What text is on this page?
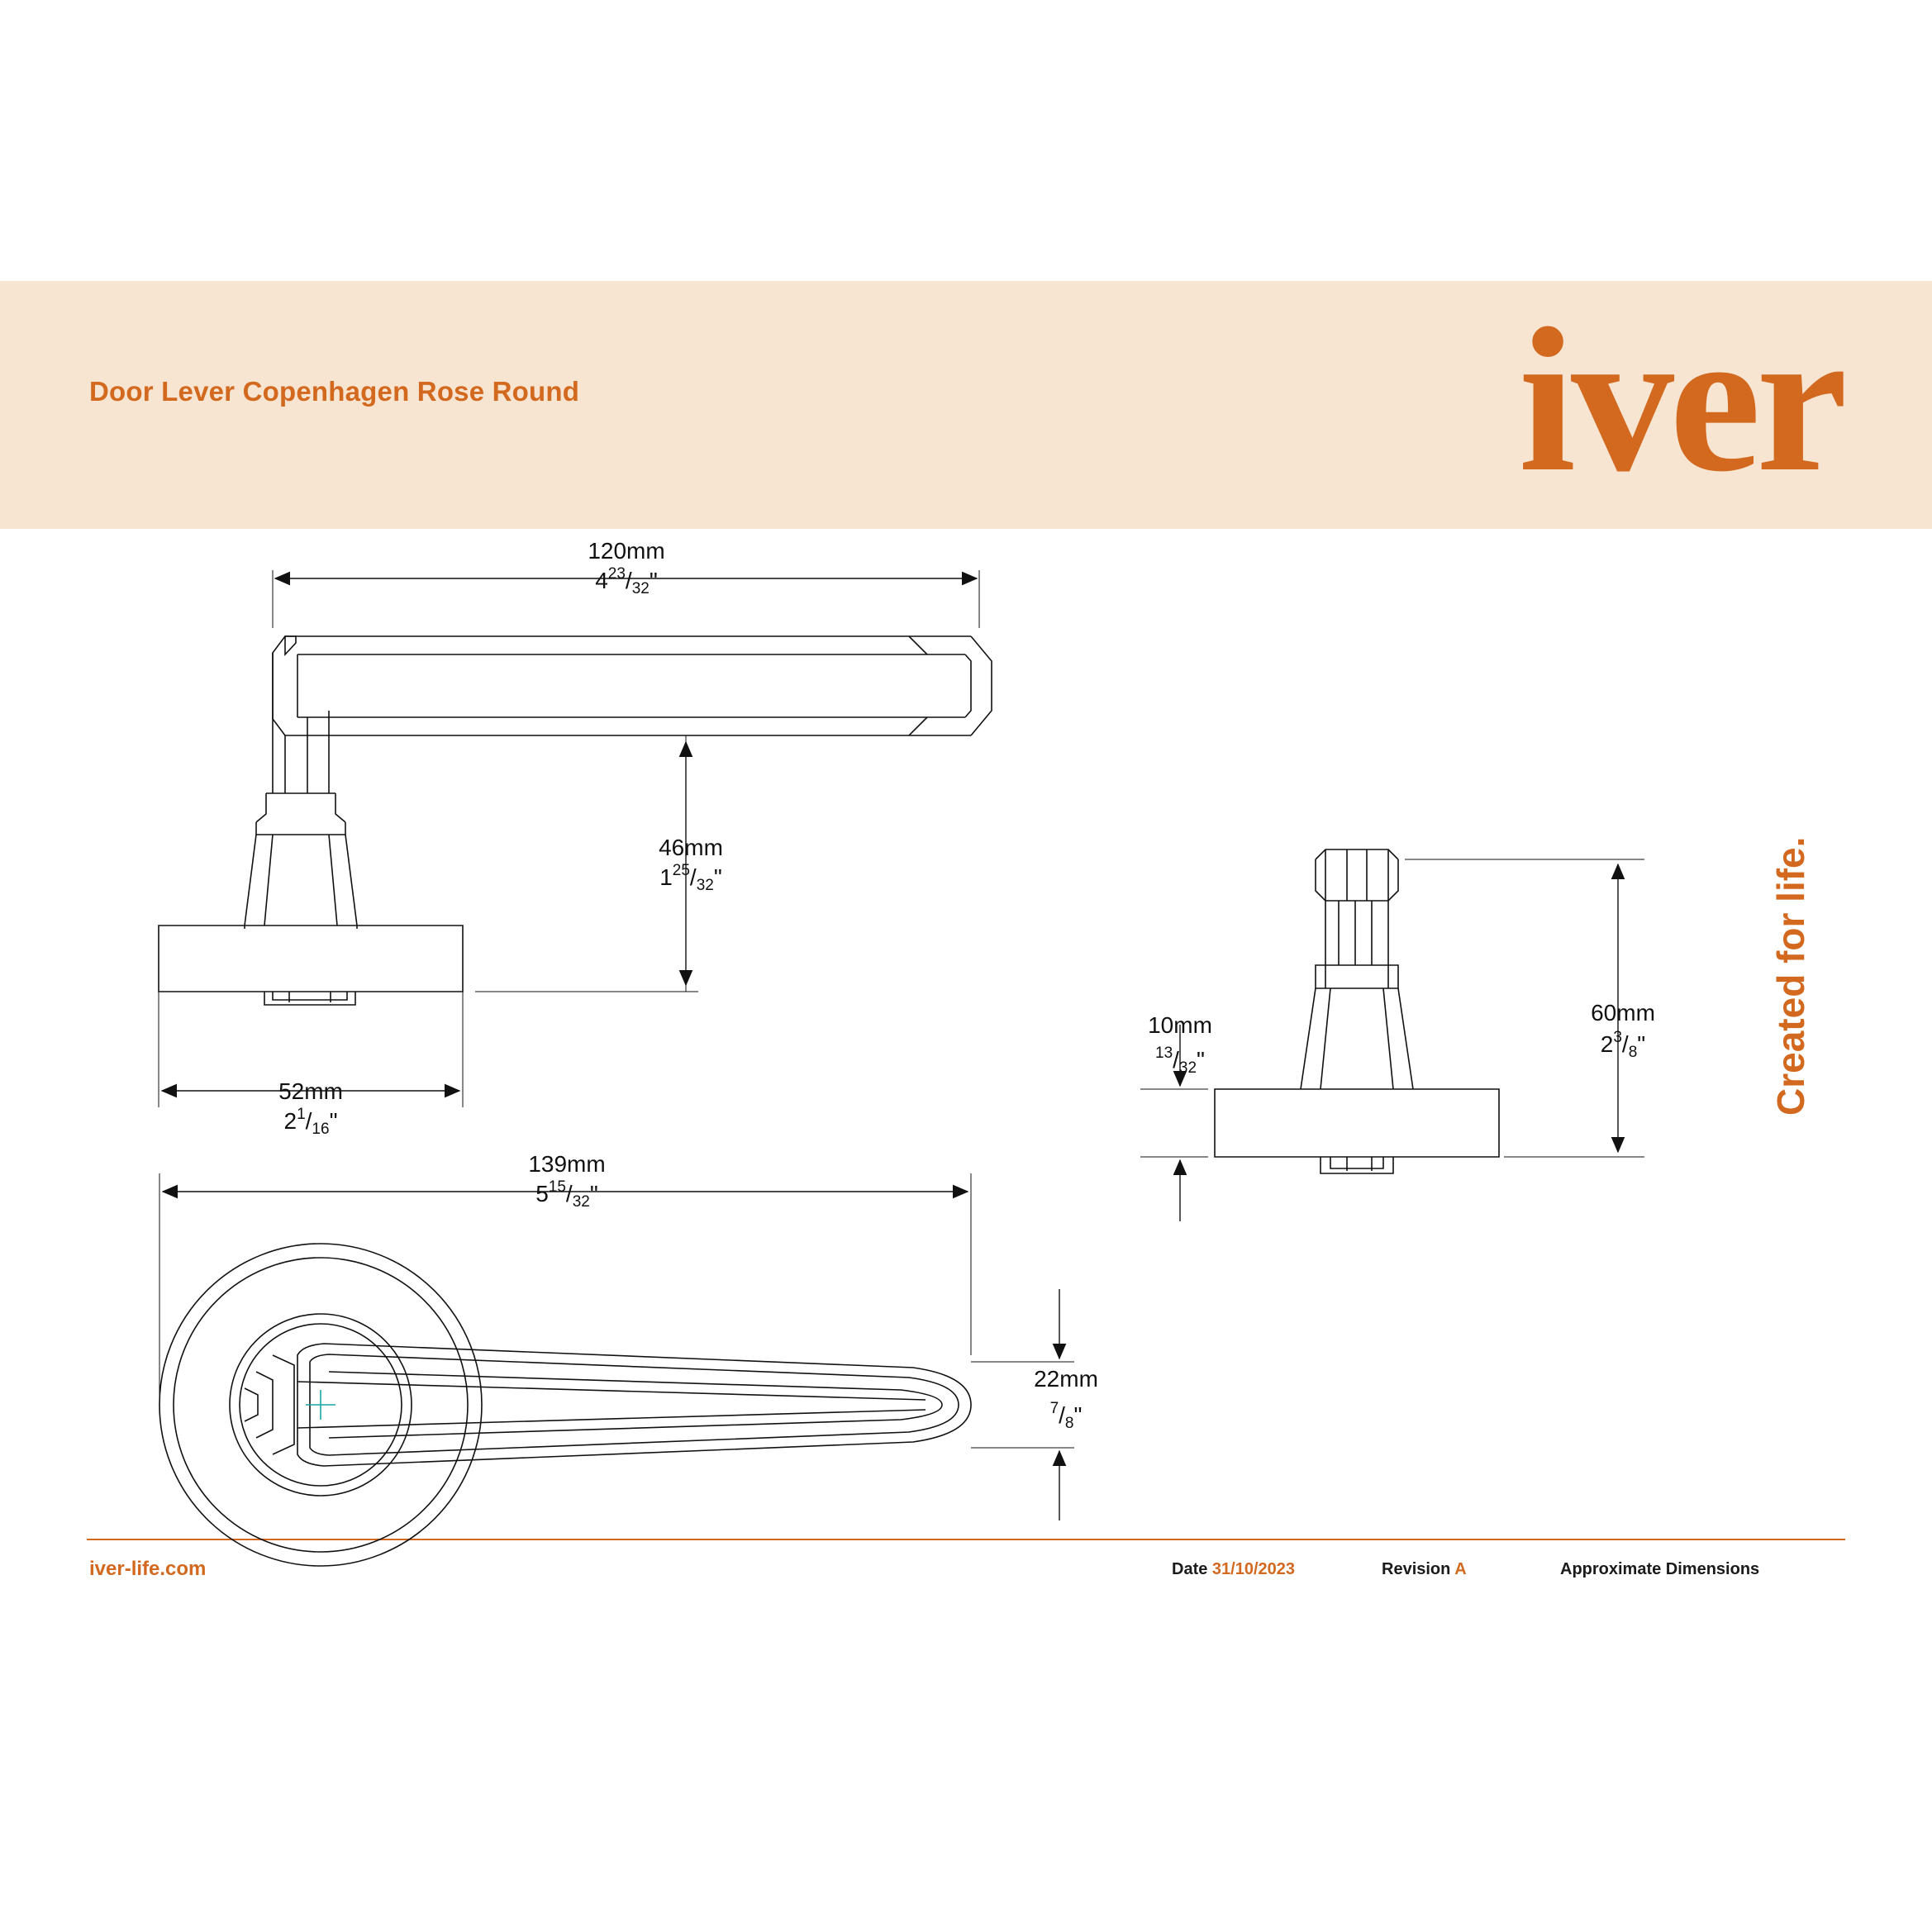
Door Lever Copenhagen Rose Round	iver
iver-life.com	Date 31/10/2023	Revision A	Approximate Dimensions
Created for life.
120mm
$4^{23}/_{32}$"
46mm
$1^{25}/_{32}$"
52mm
$2^1/_{16}$"
139mm
$5^{15}/_{32}$"
22mm
$^7/_8$"
10mm
$^{13}/_{32}$"
60mm
$2^3/_8$"
